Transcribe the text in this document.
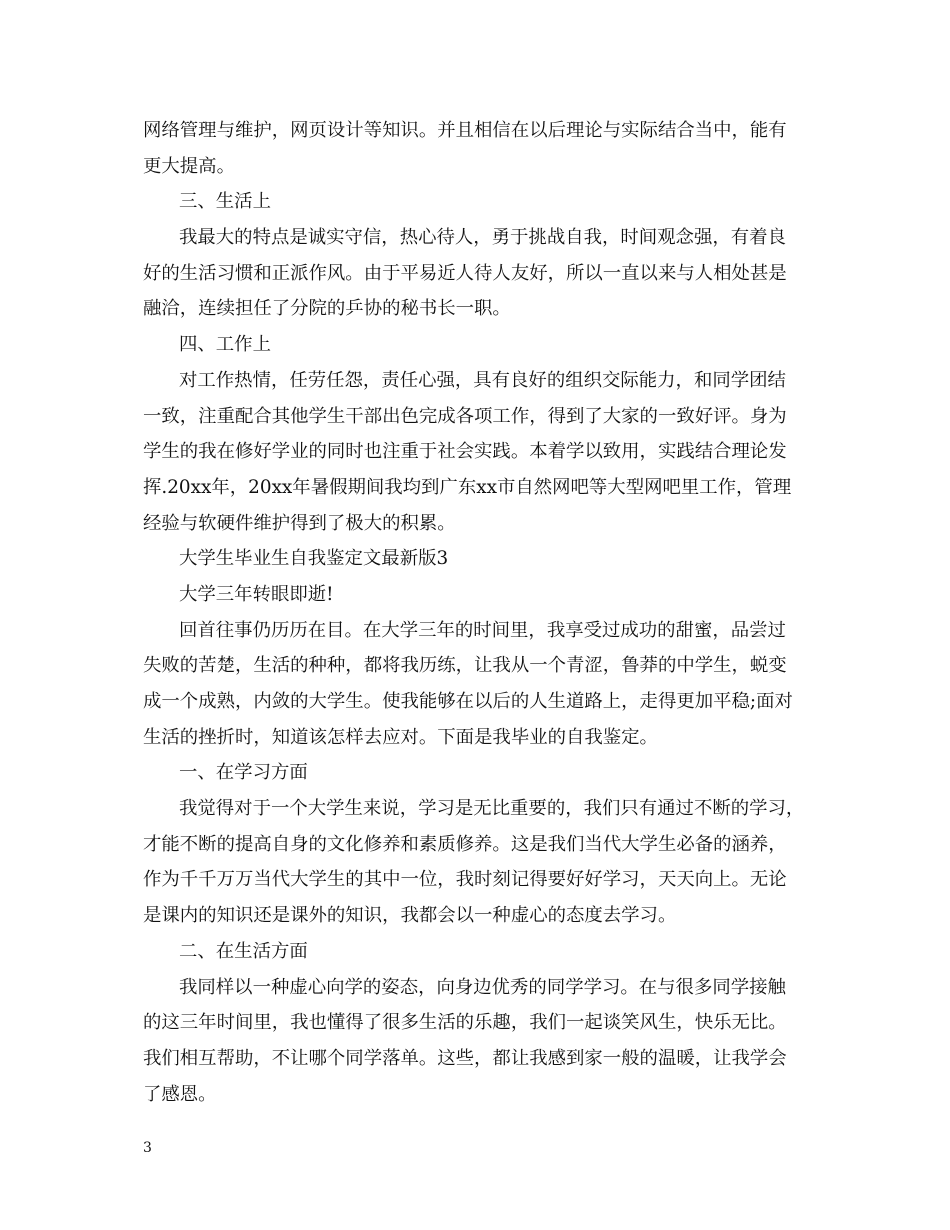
网络管理与维护，网页设计等知识。并且相信在以后理论与实际结合当中，能有
更大提高。
三、生活上
我最大的特点是诚实守信，热心待人，勇于挑战自我，时间观念强，有着良
好的生活习惯和正派作风。由于平易近人待人友好，所以一直以来与人相处甚是
融洽，连续担任了分院的乒协的秘书长一职。
四、工作上
对工作热情，任劳任怨，责任心强，具有良好的组织交际能力，和同学团结
一致，注重配合其他学生干部出色完成各项工作，得到了大家的一致好评。身为
学生的我在修好学业的同时也注重于社会实践。本着学以致用，实践结合理论发
挥.20xx年，20xx年暑假期间我均到广东xx市自然网吧等大型网吧里工作，管理
经验与软硬件维护得到了极大的积累。
大学生毕业生自我鉴定文最新版3
大学三年转眼即逝!
回首往事仍历历在目。在大学三年的时间里，我享受过成功的甜蜜，品尝过
失败的苦楚，生活的种种，都将我历练，让我从一个青涩，鲁莽的中学生，蜕变
成一个成熟，内敛的大学生。使我能够在以后的人生道路上，走得更加平稳;面对
生活的挫折时，知道该怎样去应对。下面是我毕业的自我鉴定。
一、在学习方面
我觉得对于一个大学生来说，学习是无比重要的，我们只有通过不断的学习，
才能不断的提高自身的文化修养和素质修养。这是我们当代大学生必备的涵养，
作为千千万万当代大学生的其中一位，我时刻记得要好好学习，天天向上。无论
是课内的知识还是课外的知识，我都会以一种虚心的态度去学习。
二、在生活方面
我同样以一种虚心向学的姿态，向身边优秀的同学学习。在与很多同学接触
的这三年时间里，我也懂得了很多生活的乐趣，我们一起谈笑风生，快乐无比。
我们相互帮助，不让哪个同学落单。这些，都让我感到家一般的温暖，让我学会
了感恩。
3
